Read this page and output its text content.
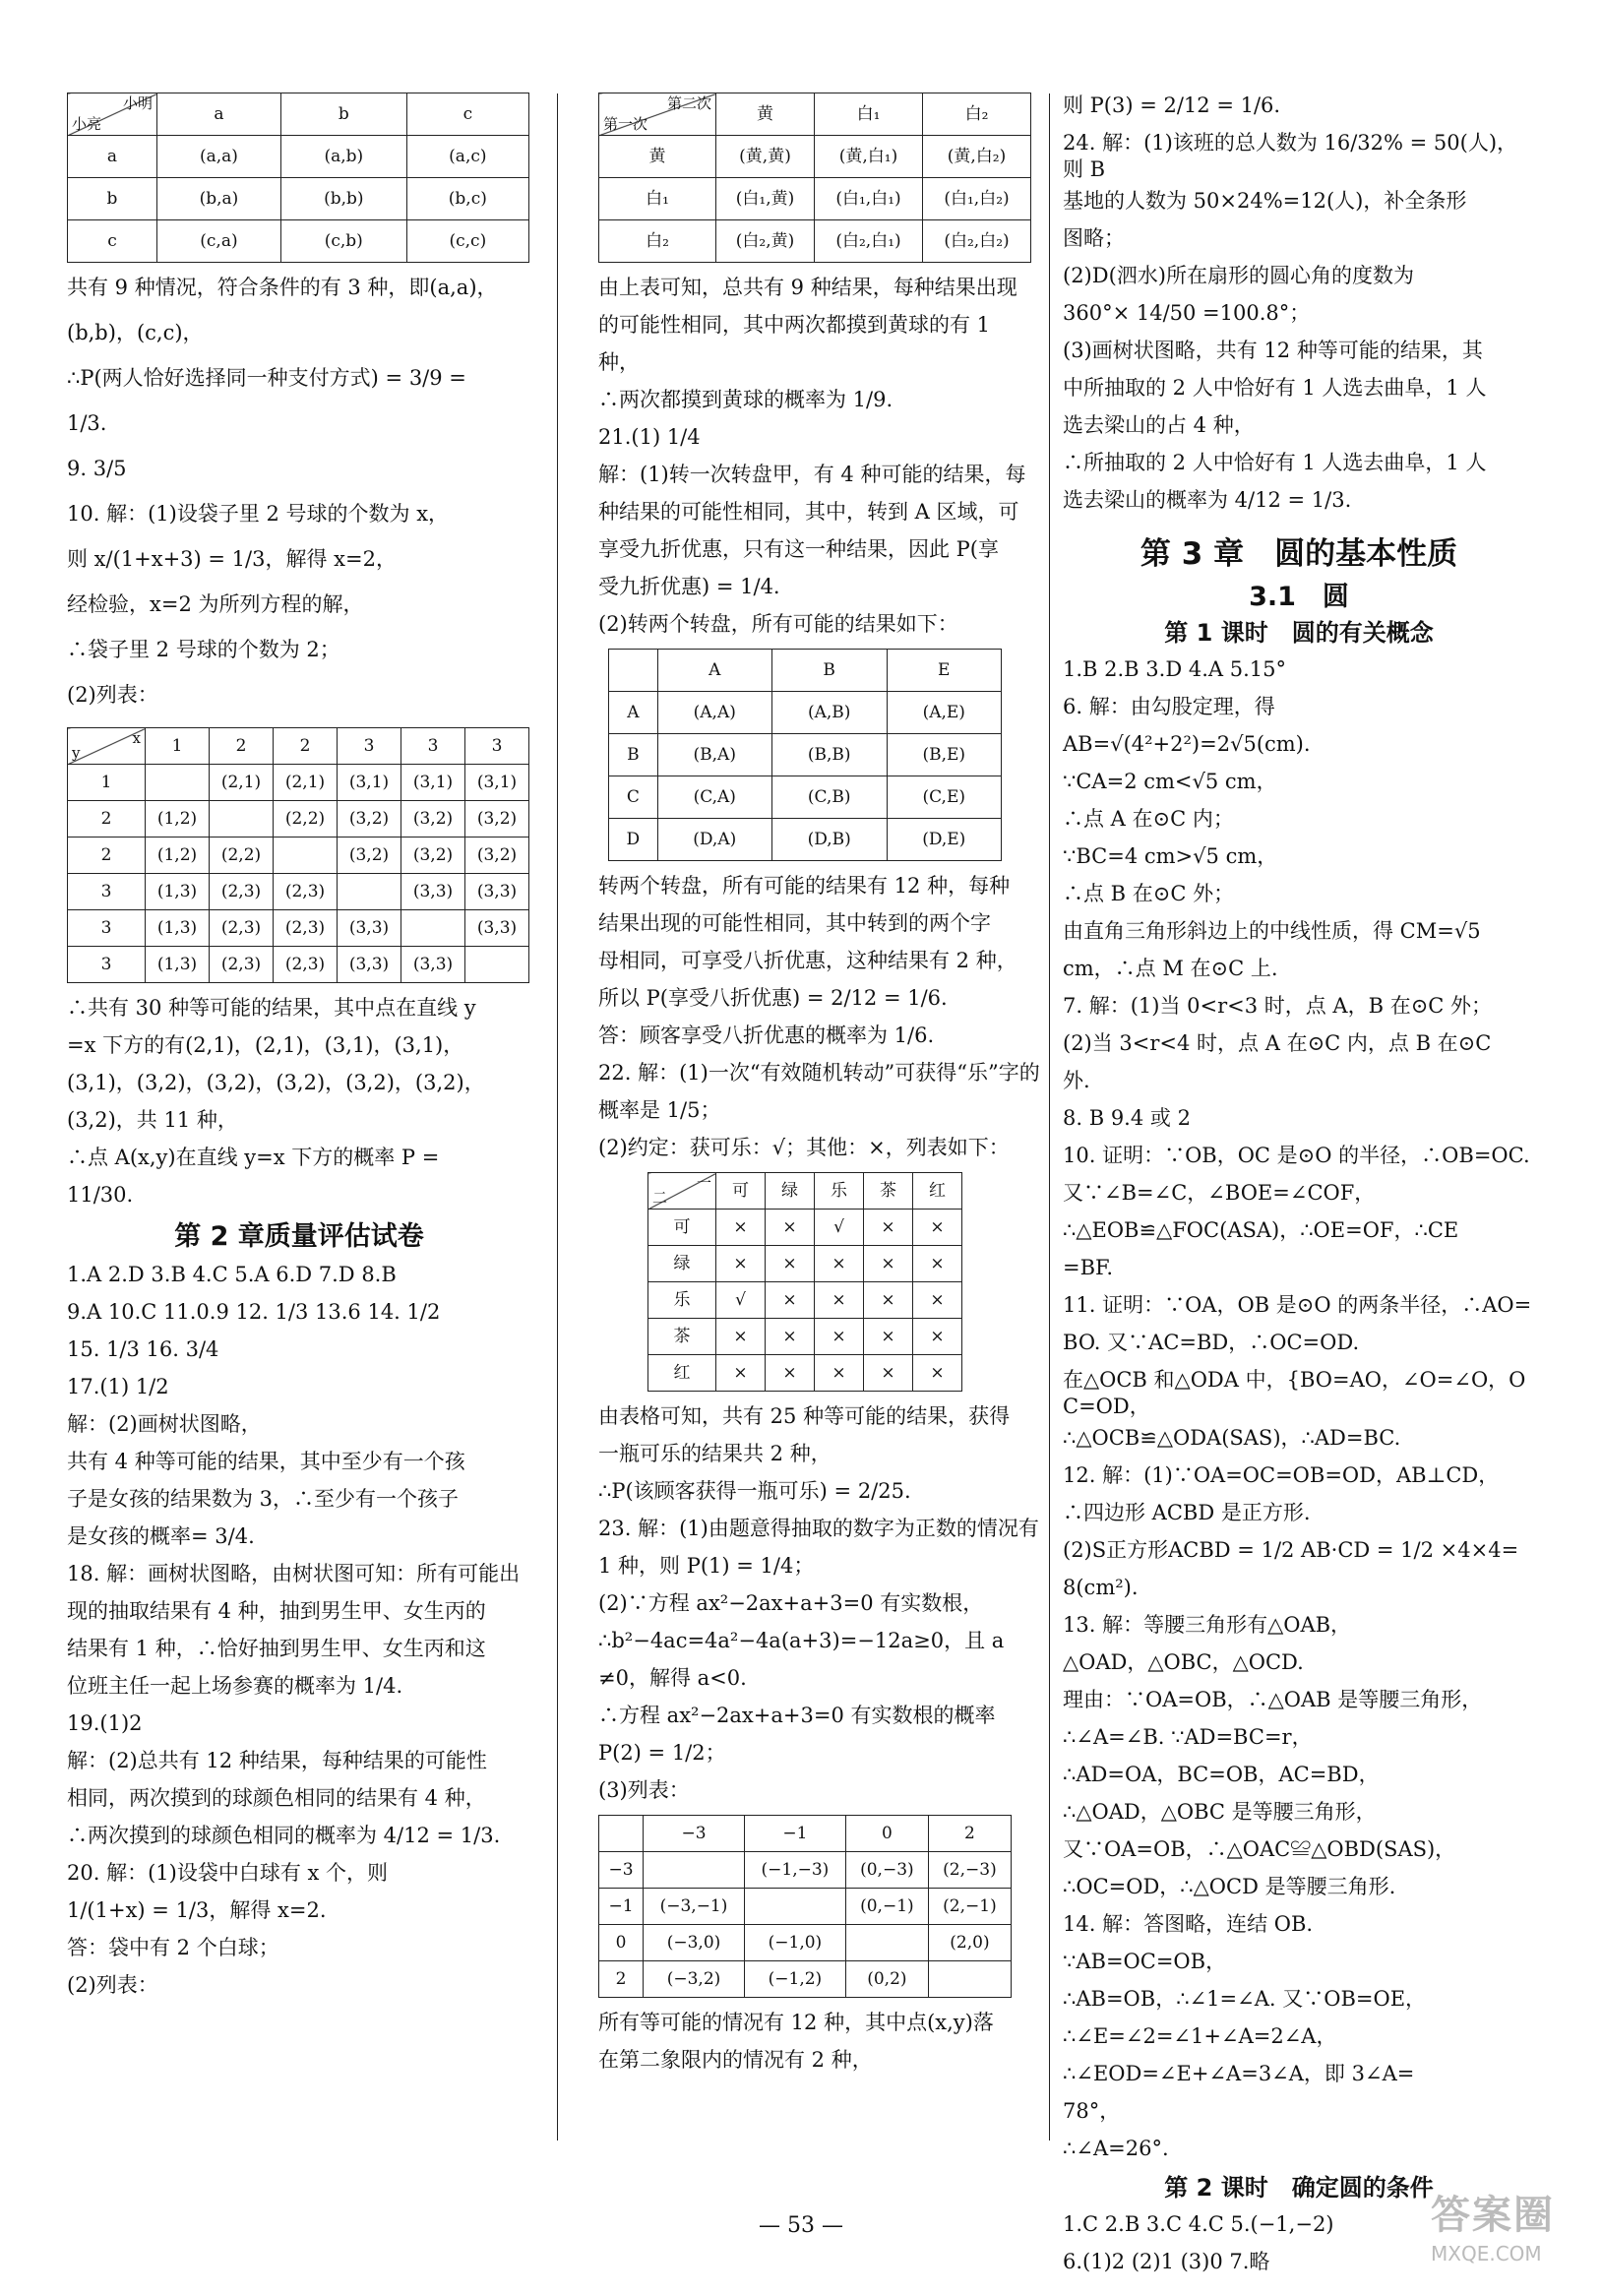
小明
小亮	a	b	c
a	(a,a)	(a,b)	(a,c)
b	(b,a)	(b,b)	(b,c)
c	(c,a)	(c,b)	(c,c)
共有 9 种情况，符合条件的有 3 种，即(a,a)，
(b,b)，(c,c)，
∴P(两人恰好选择同一种支付方式) = 3/9 =
1/3.
9. 3/5
10. 解：(1)设袋子里 2 号球的个数为 x，
则 x/(1+x+3) = 1/3，解得 x=2，
经检验，x=2 为所列方程的解，
∴袋子里 2 号球的个数为 2；
(2)列表：
x
y	1	2	2	3	3	3
1		(2,1)	(2,1)	(3,1)	(3,1)	(3,1)
2	(1,2)		(2,2)	(3,2)	(3,2)	(3,2)
2	(1,2)	(2,2)		(3,2)	(3,2)	(3,2)
3	(1,3)	(2,3)	(2,3)		(3,3)	(3,3)
3	(1,3)	(2,3)	(2,3)	(3,3)		(3,3)
3	(1,3)	(2,3)	(2,3)	(3,3)	(3,3)	
∴共有 30 种等可能的结果，其中点在直线 y
=x 下方的有(2,1)，(2,1)，(3,1)，(3,1)，
(3,1)，(3,2)，(3,2)，(3,2)，(3,2)，(3,2)，
(3,2)，共 11 种，
∴点 A(x,y)在直线 y=x 下方的概率 P =
11/30.
第 2 章质量评估试卷
1.A 2.D 3.B 4.C 5.A 6.D 7.D 8.B
9.A 10.C 11.0.9 12. 1/3 13.6 14. 1/2
15. 1/3 16. 3/4
17.(1) 1/2
解：(2)画树状图略，
共有 4 种等可能的结果，其中至少有一个孩
子是女孩的结果数为 3，∴至少有一个孩子
是女孩的概率= 3/4.
18. 解：画树状图略，由树状图可知：所有可能出
现的抽取结果有 4 种，抽到男生甲、女生丙的
结果有 1 种，∴恰好抽到男生甲、女生丙和这
位班主任一起上场参赛的概率为 1/4.
19.(1)2
解：(2)总共有 12 种结果，每种结果的可能性
相同，两次摸到的球颜色相同的结果有 4 种，
∴两次摸到的球颜色相同的概率为 4/12 = 1/3.
20. 解：(1)设袋中白球有 x 个，则
1/(1+x) = 1/3，解得 x=2.
答：袋中有 2 个白球；
(2)列表：
第二次
第一次	黄	白₁	白₂
黄	(黄,黄)	(黄,白₁)	(黄,白₂)
白₁	(白₁,黄)	(白₁,白₁)	(白₁,白₂)
白₂	(白₂,黄)	(白₂,白₁)	(白₂,白₂)
由上表可知，总共有 9 种结果，每种结果出现
的可能性相同，其中两次都摸到黄球的有 1
种，
∴两次都摸到黄球的概率为 1/9.
21.(1) 1/4
解：(1)转一次转盘甲，有 4 种可能的结果，每
种结果的可能性相同，其中，转到 A 区域，可
享受九折优惠，只有这一种结果，因此 P(享
受九折优惠) = 1/4.
(2)转两个转盘，所有可能的结果如下：
	A	B	E
A	(A,A)	(A,B)	(A,E)
B	(B,A)	(B,B)	(B,E)
C	(C,A)	(C,B)	(C,E)
D	(D,A)	(D,B)	(D,E)
转两个转盘，所有可能的结果有 12 种，每种
结果出现的可能性相同，其中转到的两个字
母相同，可享受八折优惠，这种结果有 2 种，
所以 P(享受八折优惠) = 2/12 = 1/6.
答：顾客享受八折优惠的概率为 1/6.
22. 解：(1)一次“有效随机转动”可获得“乐”字的
概率是 1/5；
(2)约定：获可乐：√；其他：×，列表如下：
一
二	可	绿	乐	茶	红
可	×	×	√	×	×
绿	×	×	×	×	×
乐	√	×	×	×	×
茶	×	×	×	×	×
红	×	×	×	×	×
由表格可知，共有 25 种等可能的结果，获得
一瓶可乐的结果共 2 种，
∴P(该顾客获得一瓶可乐) = 2/25.
23. 解：(1)由题意得抽取的数字为正数的情况有
1 种，则 P(1) = 1/4；
(2)∵方程 ax²−2ax+a+3=0 有实数根，
∴b²−4ac=4a²−4a(a+3)=−12a≥0，且 a
≠0，解得 a<0.
∴方程 ax²−2ax+a+3=0 有实数根的概率
P(2) = 1/2；
(3)列表：
	−3	−1	0	2
−3		(−1,−3)	(0,−3)	(2,−3)
−1	(−3,−1)		(0,−1)	(2,−1)
0	(−3,0)	(−1,0)		(2,0)
2	(−3,2)	(−1,2)	(0,2)	
所有等可能的情况有 12 种，其中点(x,y)落
在第二象限内的情况有 2 种，
则 P(3) = 2/12 = 1/6.
24. 解：(1)该班的总人数为 16/32% = 50(人)，则 B
基地的人数为 50×24%=12(人)，补全条形
图略；
(2)D(泗水)所在扇形的圆心角的度数为
360°× 14/50 =100.8°；
(3)画树状图略，共有 12 种等可能的结果，其
中所抽取的 2 人中恰好有 1 人选去曲阜，1 人
选去梁山的占 4 种，
∴所抽取的 2 人中恰好有 1 人选去曲阜，1 人
选去梁山的概率为 4/12 = 1/3.
第 3 章　圆的基本性质
3.1　圆
第 1 课时　圆的有关概念
1.B 2.B 3.D 4.A 5.15°
6. 解：由勾股定理，得
AB=√(4²+2²)=2√5(cm).
∵CA=2 cm<√5 cm，
∴点 A 在⊙C 内；
∵BC=4 cm>√5 cm，
∴点 B 在⊙C 外；
由直角三角形斜边上的中线性质，得 CM=√5
cm，∴点 M 在⊙C 上.
7. 解：(1)当 0<r<3 时，点 A，B 在⊙C 外；
(2)当 3<r<4 时，点 A 在⊙C 内，点 B 在⊙C
外.
8. B 9.4 或 2
10. 证明：∵OB，OC 是⊙O 的半径，∴OB=OC.
又∵∠B=∠C，∠BOE=∠COF，
∴△EOB≌△FOC(ASA)，∴OE=OF，∴CE
=BF.
11. 证明：∵OA，OB 是⊙O 的两条半径，∴AO=
BO. 又∵AC=BD，∴OC=OD.
在△OCB 和△ODA 中，{BO=AO，∠O=∠O，OC=OD，
∴△OCB≌△ODA(SAS)，∴AD=BC.
12. 解：(1)∵OA=OC=OB=OD，AB⊥CD，
∴四边形 ACBD 是正方形.
(2)S正方形ACBD = 1/2 AB·CD = 1/2 ×4×4=
8(cm²).
13. 解：等腰三角形有△OAB，
△OAD，△OBC，△OCD.
理由：∵OA=OB，∴△OAB 是等腰三角形，
∴∠A=∠B. ∵AD=BC=r，
∴AD=OA，BC=OB，AC=BD，
∴△OAD，△OBC 是等腰三角形，
又∵OA=OB，∴△OAC≌△OBD(SAS)，
∴OC=OD，∴△OCD 是等腰三角形.
14. 解：答图略，连结 OB.
∵AB=OC=OB，
∴AB=OB，∴∠1=∠A. 又∵OB=OE，
∴∠E=∠2=∠1+∠A=2∠A，
∴∠EOD=∠E+∠A=3∠A，即 3∠A=
78°，
∴∠A=26°.
第 2 课时　确定圆的条件
1.C 2.B 3.C 4.C 5.(−1,−2)
6.(1)2 (2)1 (3)0 7.略
— 53 —	答案圈
MXQE.COM
